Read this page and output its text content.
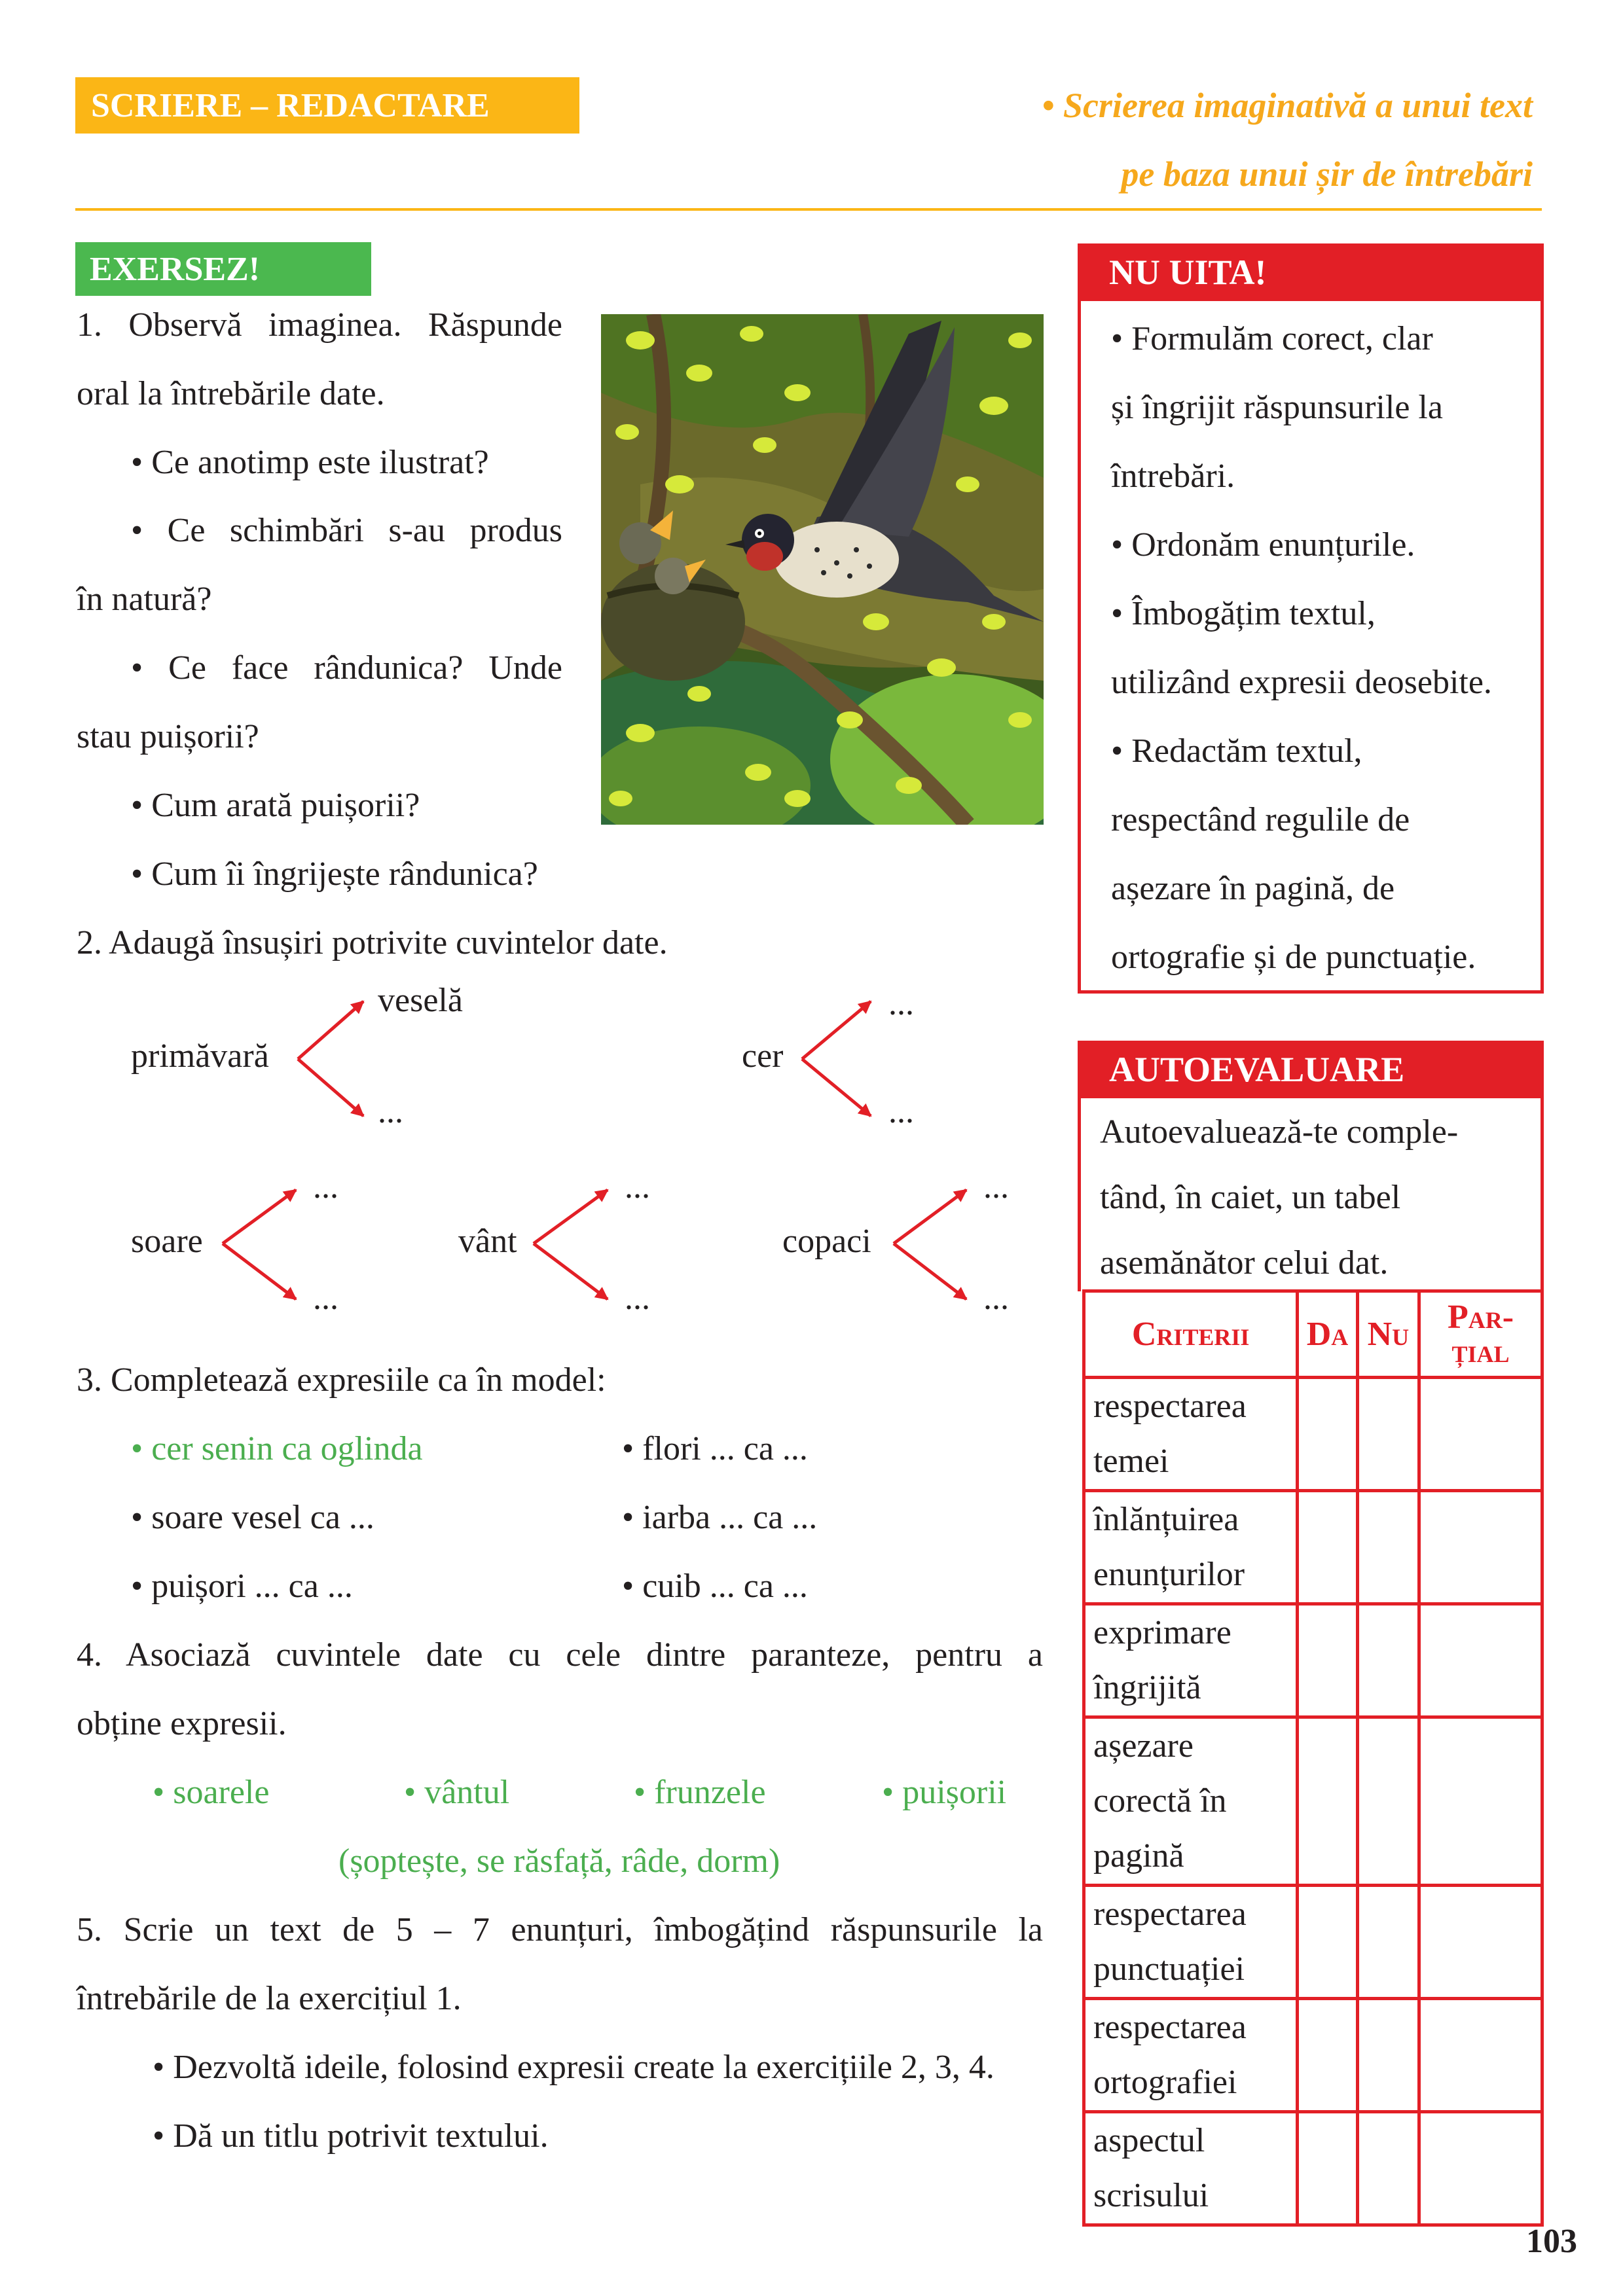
SCRIERE – REDACTARE	• Scrierea imaginativă a unui text
pe baza unui șir de întrebări
EXERSEZ!
1. Observă imaginea. Răspunde
oral la întrebările date.
• Ce anotimp este ilustrat?
• Ce schimbări s-au produs
în natură?
• Ce face rândunica? Unde
stau puișorii?
• Cum arată puișorii?
• Cum îi îngrijește rândunica?
2. Adaugă însușiri potrivite cuvintelor date.
veselă
primăvară
...
...
cer
...
...
soare
...
...
vânt
...
...
copaci
...
3. Completează expresiile ca în model:
• cer senin ca oglinda
• soare vesel ca ...
• puișori ... ca ...
• flori ... ca ...
• iarba ... ca ...
• cuib ... ca ...
4. Asociază cuvintele date cu cele dintre paranteze, pentru a
obține expresii.
• soarele	• vântul	• frunzele	• puișorii
(șoptește, se răsfață, râde, dorm)
5. Scrie un text de 5 – 7 enunțuri, îmbogățind răspunsurile la
întrebările de la exercițiul 1.
• Dezvoltă ideile, folosind expresii create la exercițiile 2, 3, 4.
• Dă un titlu potrivit textului.
NU UITA!
• Formulăm corect, clar
și îngrijit răspunsurile la
întrebări.
• Ordonăm enunțurile.
• Îmbogățim textul,
utilizând expresii deosebite.
• Redactăm textul,
respectând regulile de
așezare în pagină, de
ortografie și de punctuație.
AUTOEVALUARE
Autoevaluează-te comple-
tând, în caiet, un tabel
asemănător celui dat.
Criterii	Da	Nu	Par-
țial

respectarea
temei			

înlănțuirea
enunțurilor			

exprimare
îngrijită			

așezare
corectă în
pagină			

respectarea
punctuației			

respectarea
ortografiei			

aspectul
scrisului			

103
